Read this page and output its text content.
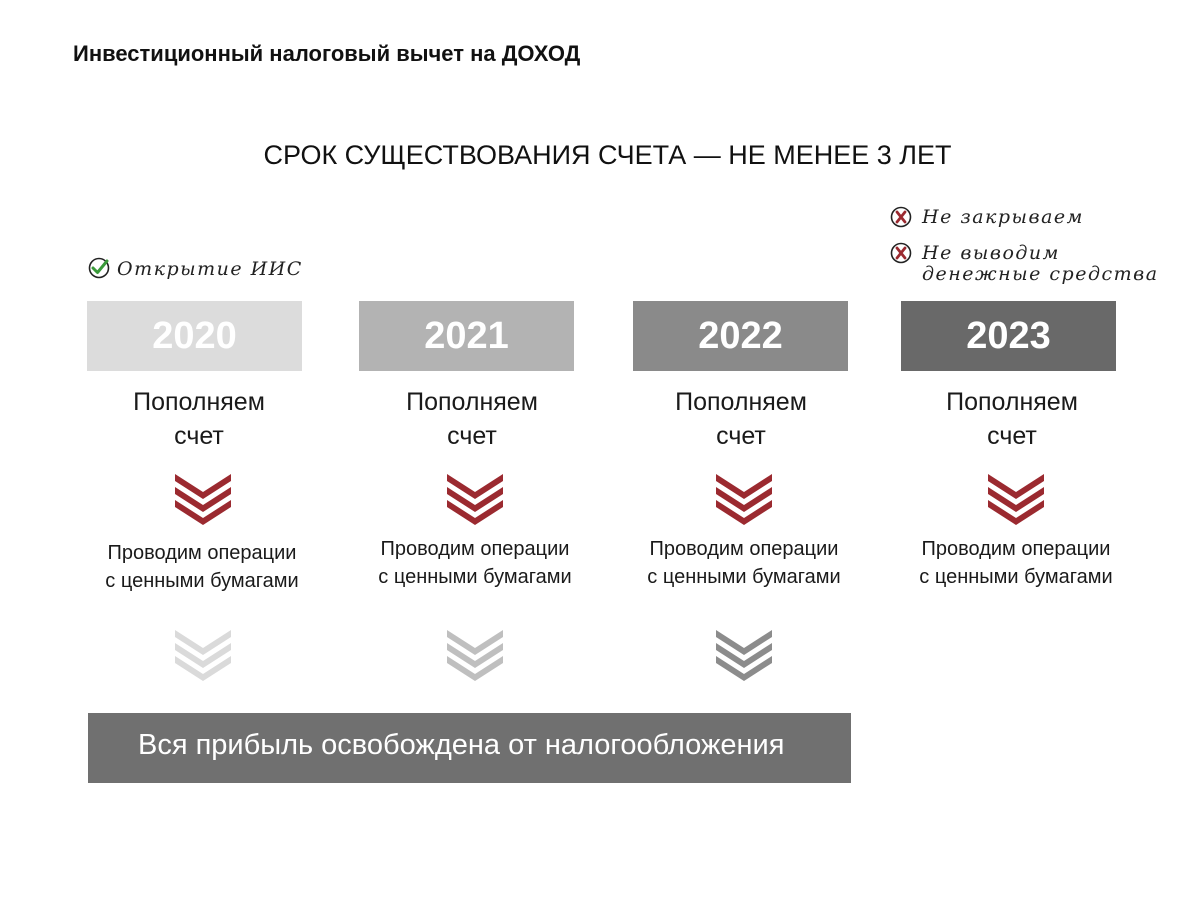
Инвестиционный налоговый вычет на ДОХОД
СРОК СУЩЕСТВОВАНИЯ СЧЕТА — НЕ МЕНЕЕ 3 ЛЕТ
Открытие ИИС
Не закрываем
Не выводим
денежные средства
2020
Пополняем
счет
Проводим операции
с ценными бумагами
2021
Пополняем
счет
Проводим операции
с ценными бумагами
2022
Пополняем
счет
Проводим операции
с ценными бумагами
2023
Пополняем
счет
Проводим операции
с ценными бумагами
Вся прибыль освобождена от налогообложения
